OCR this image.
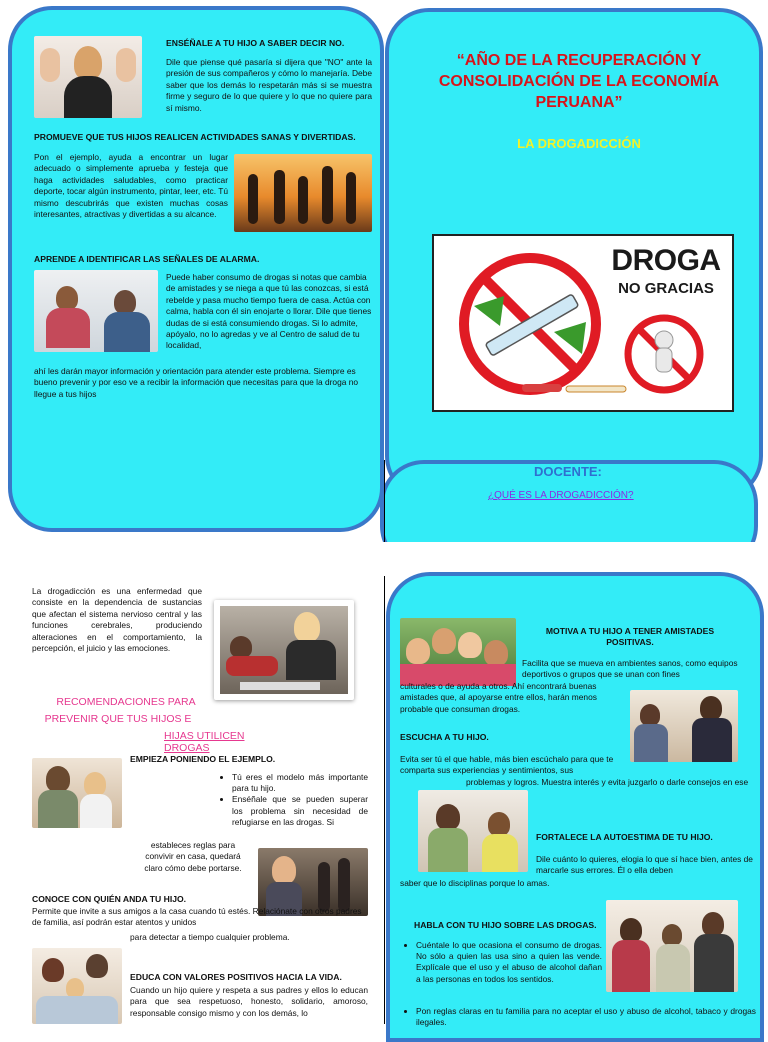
ENSÉÑALE A TU HIJO A SABER DECIR NO.
Dile que piense qué pasaría si dijera que "NO" ante la presión de sus compañeros y cómo lo manejaría. Debe saber que los demás lo respetarán más si se muestra firme y seguro de lo que quiere y lo que no quiere para sí mismo.
PROMUEVE QUE TUS HIJOS REALICEN ACTIVIDADES SANAS Y DIVERTIDAS.
Pon el ejemplo, ayuda a encontrar un lugar adecuado o simplemente aprueba y festeja que haga actividades saludables, como practicar deporte, tocar algún instrumento, pintar, leer, etc. Tú mismo descubrirás que existen muchas cosas interesantes, atractivas y divertidas a su alcance.
APRENDE A IDENTIFICAR LAS SEÑALES DE ALARMA.
Puede haber consumo de drogas si notas que cambia de amistades y se niega a que tú las conozcas, si está rebelde y pasa mucho tiempo fuera de casa. Actúa con calma, habla con él sin enojarte o llorar. Dile que tienes dudas de si está consumiendo drogas. Si lo admite, apóyalo, no lo agredas y ve al Centro de salud de tu localidad,
ahí les darán mayor información y orientación para atender este problema. Siempre es bueno prevenir y por eso ve a recibir la información que necesitas para que la droga no llegue a tus hijos
“AÑO DE LA RECUPERACIÓN Y CONSOLIDACIÓN DE LA ECONOMÍA PERUANA”
LA DROGADICCIÓN
DROGA
NO GRACIAS
DOCENTE:
¿QUÉ ES LA DROGADICCIÓN?
La drogadicción es una enfermedad que consiste en la dependencia de sustancias que afectan el sistema nervioso central y las funciones cerebrales, produciendo alteraciones en el comportamiento, la percepción, el juicio y las emociones.
RECOMENDACIONES PARA
PREVENIR QUE TUS HIJOS E
HIJAS UTILICEN DROGAS
EMPIEZA PONIENDO EL EJEMPLO.
• Tú eres el modelo más importante para tu hijo.
• Enséñale que se pueden superar los problema sin necesidad de refugiarse en las drogas. Si
estableces reglas para convivir en casa, quedará claro cómo debe portarse.
CONOCE CON QUIÉN ANDA TU HIJO.
Permite que invite a sus amigos a la casa cuando tú estés. Relaciónate con otros padres de familia, así podrán estar atentos y unidos
para detectar a tiempo cualquier problema.
EDUCA CON VALORES POSITIVOS HACIA LA VIDA.
Cuando un hijo quiere y respeta a sus padres y ellos lo educan para que sea respetuoso, honesto, solidario, amoroso, responsable consigo mismo y con los demás, lo
MOTIVA A TU HIJO A TENER AMISTADES POSITIVAS.
Facilita que se mueva en ambientes sanos, como equipos deportivos o grupos que se unan con fines
culturales o de ayuda a otros. Ahí encontrará buenas amistades que, al apoyarse entre ellos, harán menos probable que consuman drogas.
ESCUCHA A TU HIJO.
Evita ser tú el que hable, más bien escúchalo para que te comparta sus experiencias y sentimientos, sus
problemas y logros. Muestra interés y evita juzgarlo o darle consejos en ese
FORTALECE LA AUTOESTIMA DE TU HIJO.
Dile cuánto lo quieres, elogia lo que sí hace bien, antes de marcarle sus errores. Él o ella deben
saber que lo disciplinas porque lo amas.
HABLA CON TU HIJO SOBRE LAS DROGAS.
• Cuéntale lo que ocasiona el consumo de drogas. No sólo a quien las usa sino a quien las vende. Explícale que el uso y el abuso de alcohol dañan a las personas en todos los sentidos.
• Pon reglas claras en tu familia para no aceptar el uso y abuso de alcohol, tabaco y drogas ilegales.
